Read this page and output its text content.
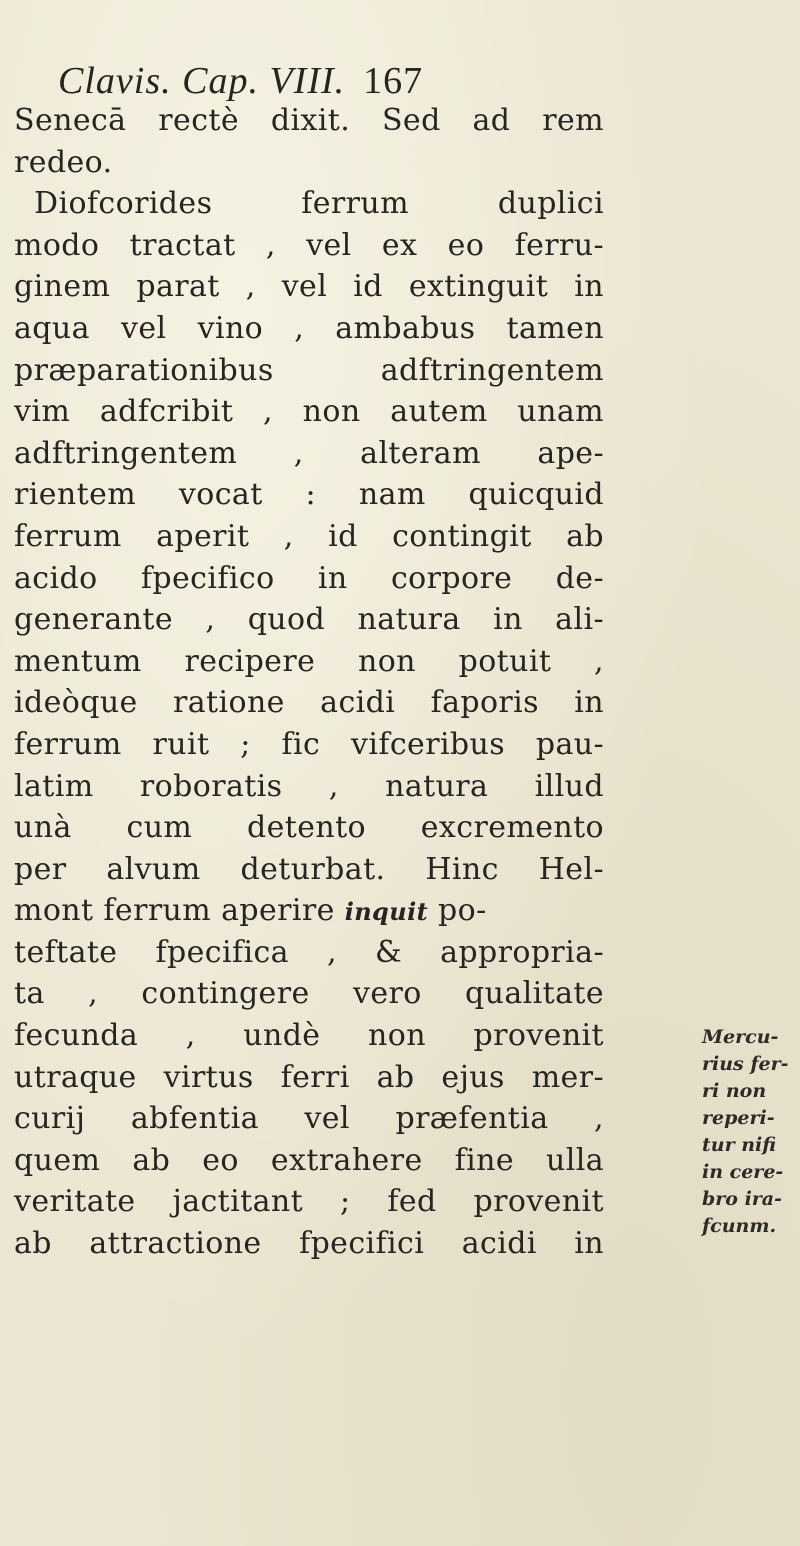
Clavis. Cap. VIII. 167
Senecā rectè dixit. Sed ad rem
redeo.
Diofcorides ferrum duplici
modo tractat , vel ex eo ferru-
ginem parat , vel id extinguit in
aqua vel vino , ambabus tamen
præparationibus adftringentem
vim adfcribit , non autem unam
adftringentem , alteram ape-
rientem vocat : nam quicquid
ferrum aperit , id contingit ab
acido fpecifico in corpore de-
generante , quod natura in ali-
mentum recipere non potuit ,
ideòque ratione acidi faporis in
ferrum ruit ; fic vifceribus pau-
latim roboratis , natura illud
unà cum detento excremento
per alvum deturbat. Hinc Hel-
mont ferrum aperire inquit po-
teftate fpecifica , & appropria-
ta , contingere vero qualitate
fecunda , undè non provenit
utraque virtus ferri ab ejus mer-
curij abfentia vel præfentia ,
quem ab eo extrahere fine ulla
veritate jactitant ; fed provenit
ab attractione fpecifici acidi in
Mercu-
rius fer-
ri non
reperi-
tur nifi
in cere-
bro ira-
fcunm.
